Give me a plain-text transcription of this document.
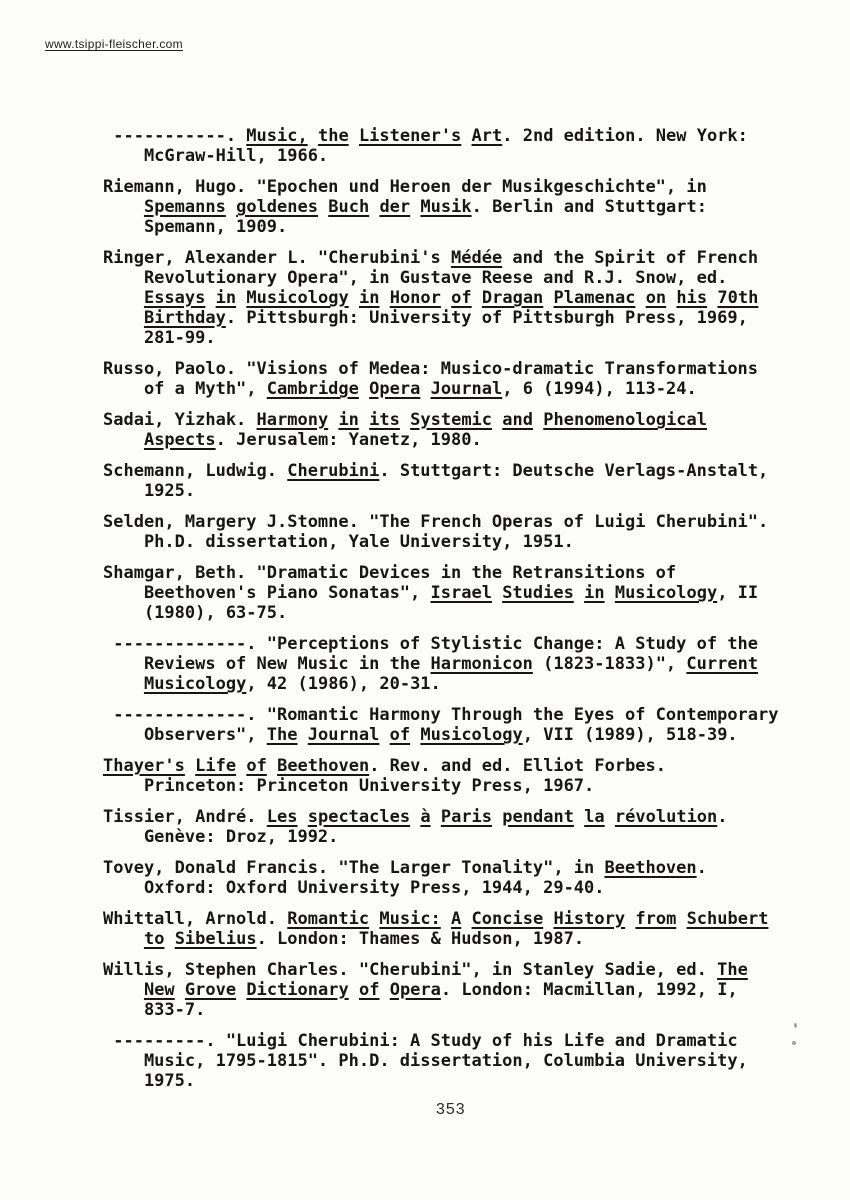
www.tsippi-fleischer.com
-----------. Music, the Listener's Art. 2nd edition. New York:
McGraw-Hill, 1966.
Riemann, Hugo. "Epochen und Heroen der Musikgeschichte", in
Spemanns goldenes Buch der Musik. Berlin and Stuttgart:
Spemann, 1909.
Ringer, Alexander L. "Cherubini's Médée and the Spirit of French
Revolutionary Opera", in Gustave Reese and R.J. Snow, ed.
Essays in Musicology in Honor of Dragan Plamenac on his 70th
Birthday. Pittsburgh: University of Pittsburgh Press, 1969,
281-99.
Russo, Paolo. "Visions of Medea: Musico-dramatic Transformations
of a Myth", Cambridge Opera Journal, 6 (1994), 113-24.
Sadai, Yizhak. Harmony in its Systemic and Phenomenological
Aspects. Jerusalem: Yanetz, 1980.
Schemann, Ludwig. Cherubini. Stuttgart: Deutsche Verlags-Anstalt,
1925.
Selden, Margery J.Stomne. "The French Operas of Luigi Cherubini".
Ph.D. dissertation, Yale University, 1951.
Shamgar, Beth. "Dramatic Devices in the Retransitions of
Beethoven's Piano Sonatas", Israel Studies in Musicology, II
(1980), 63-75.
-------------. "Perceptions of Stylistic Change: A Study of the
Reviews of New Music in the Harmonicon (1823-1833)", Current
Musicology, 42 (1986), 20-31.
-------------. "Romantic Harmony Through the Eyes of Contemporary
Observers", The Journal of Musicology, VII (1989), 518-39.
Thayer's Life of Beethoven. Rev. and ed. Elliot Forbes.
Princeton: Princeton University Press, 1967.
Tissier, André. Les spectacles à Paris pendant la révolution.
Genève: Droz, 1992.
Tovey, Donald Francis. "The Larger Tonality", in Beethoven.
Oxford: Oxford University Press, 1944, 29-40.
Whittall, Arnold. Romantic Music: A Concise History from Schubert
to Sibelius. London: Thames & Hudson, 1987.
Willis, Stephen Charles. "Cherubini", in Stanley Sadie, ed. The
New Grove Dictionary of Opera. London: Macmillan, 1992, I,
833-7.
---------. "Luigi Cherubini: A Study of his Life and Dramatic
Music, 1795-1815". Ph.D. dissertation, Columbia University,
1975.
353
